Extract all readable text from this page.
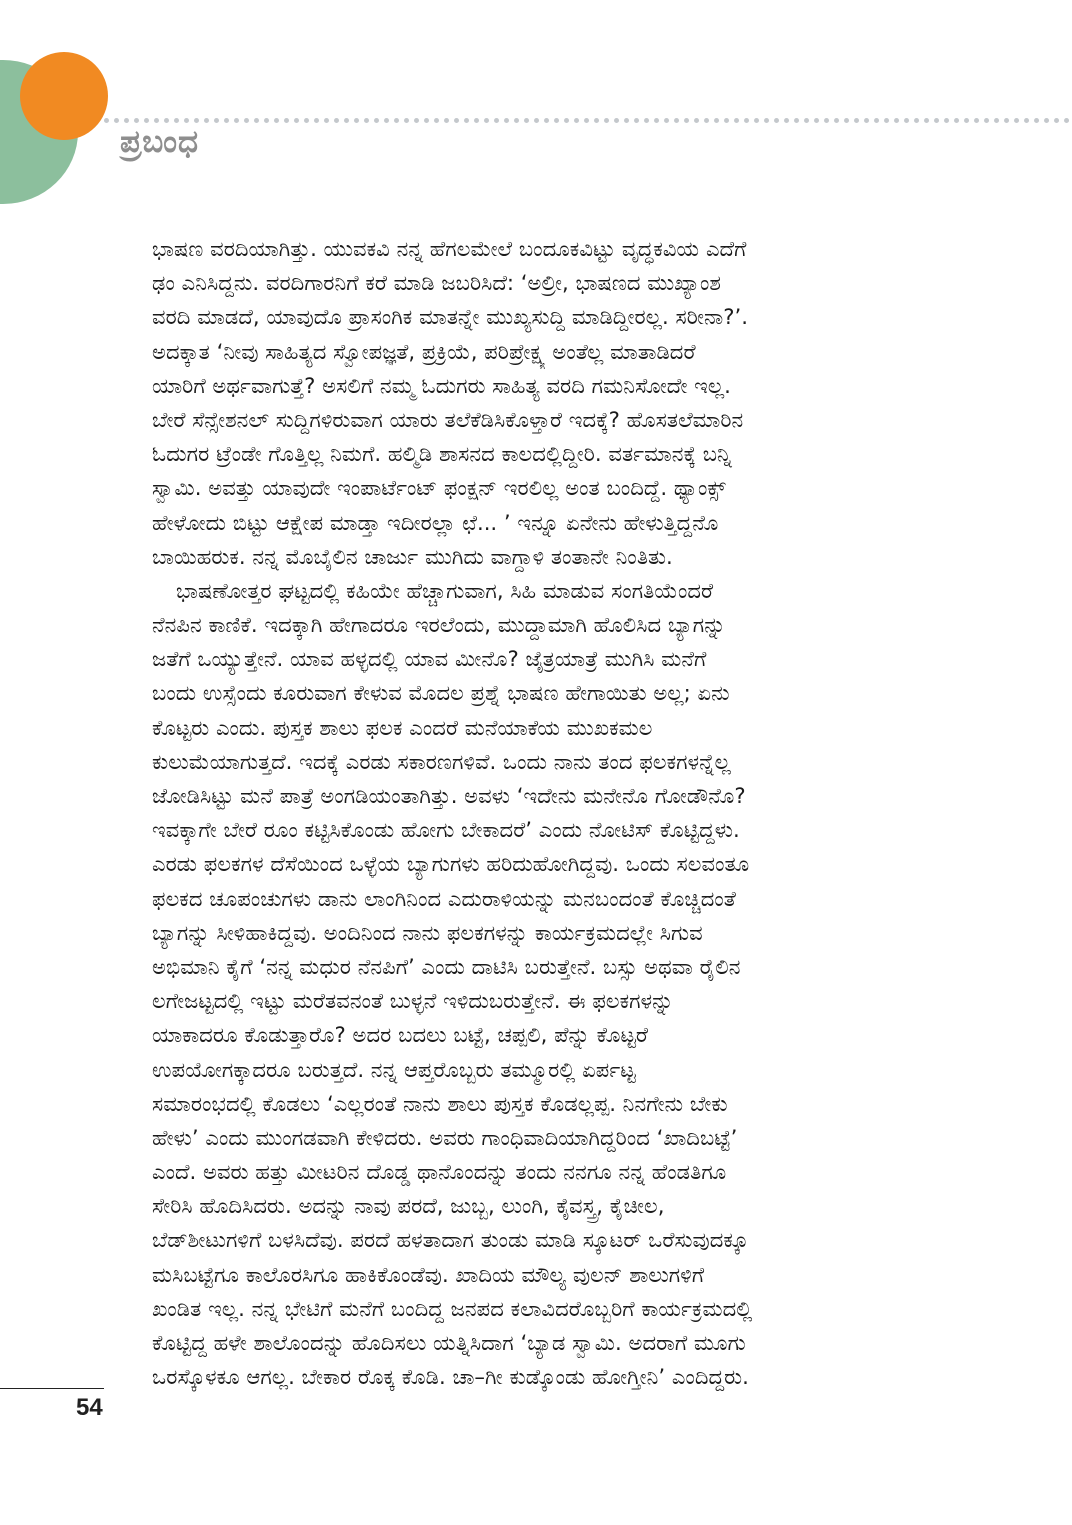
ಪ್ರಬಂಧ
ಭಾಷಣ ವರದಿಯಾಗಿತ್ತು. ಯುವಕವಿ ನನ್ನ ಹೆಗಲಮೇಲೆ ಬಂದೂಕವಿಟ್ಟು ವೃದ್ಧಕವಿಯ ಎದೆಗೆ
ಢಂ ಎನಿಸಿದ್ದನು. ವರದಿಗಾರನಿಗೆ ಕರೆ ಮಾಡಿ ಜಬರಿಸಿದೆ: ‘ಅಲ್ರೀ, ಭಾಷಣದ ಮುಖ್ಯಾಂಶ
ವರದಿ ಮಾಡದೆ, ಯಾವುದೊ ಪ್ರಾಸಂಗಿಕ ಮಾತನ್ನೇ ಮುಖ್ಯಸುದ್ದಿ ಮಾಡಿದ್ದೀರಲ್ಲ. ಸರೀನಾ?’.
ಅದಕ್ಕಾತ ‘ನೀವು ಸಾಹಿತ್ಯದ ಸ್ವೋಪಜ್ಞತೆ, ಪ್ರಕ್ರಿಯೆ, ಪರಿಪ್ರೇಕ್ಷ್ಯ ಅಂತೆಲ್ಲ ಮಾತಾಡಿದರೆ
ಯಾರಿಗೆ ಅರ್ಥವಾಗುತ್ತೆ? ಅಸಲಿಗೆ ನಮ್ಮ ಓದುಗರು ಸಾಹಿತ್ಯ ವರದಿ ಗಮನಿಸೋದೇ ಇಲ್ಲ.
ಬೇರೆ ಸೆನ್ಸೇಶನಲ್ ಸುದ್ದಿಗಳಿರುವಾಗ ಯಾರು ತಲೆಕೆಡಿಸಿಕೊಳ್ತಾರೆ ಇದಕ್ಕೆ? ಹೊಸತಲೆಮಾರಿನ
ಓದುಗರ ಟ್ರೆಂಡೇ ಗೊತ್ತಿಲ್ಲ ನಿಮಗೆ. ಹಲ್ಮಿಡಿ ಶಾಸನದ ಕಾಲದಲ್ಲಿದ್ದೀರಿ. ವರ್ತಮಾನಕ್ಕೆ ಬನ್ನಿ
ಸ್ವಾಮಿ. ಅವತ್ತು ಯಾವುದೇ ಇಂಪಾರ್ಟೆಂಟ್ ಫಂಕ್ಷನ್ ಇರಲಿಲ್ಲ ಅಂತ ಬಂದಿದ್ದೆ. ಥ್ಯಾಂಕ್ಸ್
ಹೇಳೋದು ಬಿಟ್ಟು ಆಕ್ಷೇಪ ಮಾಡ್ತಾ ಇದೀರಲ್ಲಾ ಛೆ... ’ ಇನ್ನೂ ಏನೇನು ಹೇಳುತ್ತಿದ್ದನೊ
ಬಾಯಿಹರುಕ. ನನ್ನ ಮೊಬೈಲಿನ ಚಾರ್ಜು ಮುಗಿದು ವಾಗ್ದಾಳಿ ತಂತಾನೇ ನಿಂತಿತು.
ಭಾಷಣೋತ್ತರ ಘಟ್ಟದಲ್ಲಿ ಕಹಿಯೇ ಹೆಚ್ಚಾಗುವಾಗ, ಸಿಹಿ ಮಾಡುವ ಸಂಗತಿಯೆಂದರೆ
ನೆನಪಿನ ಕಾಣಿಕೆ. ಇದಕ್ಕಾಗಿ ಹೇಗಾದರೂ ಇರಲೆಂದು, ಮುದ್ದಾಮಾಗಿ ಹೊಲಿಸಿದ ಬ್ಯಾಗನ್ನು
ಜತೆಗೆ ಒಯ್ಯುತ್ತೇನೆ. ಯಾವ ಹಳ್ಳದಲ್ಲಿ ಯಾವ ಮೀನೊ? ಜೈತ್ರಯಾತ್ರೆ ಮುಗಿಸಿ ಮನೆಗೆ
ಬಂದು ಉಸ್ಸೆಂದು ಕೂರುವಾಗ ಕೇಳುವ ಮೊದಲ ಪ್ರಶ್ನೆ ಭಾಷಣ ಹೇಗಾಯಿತು ಅಲ್ಲ; ಏನು
ಕೊಟ್ಟರು ಎಂದು. ಪುಸ್ತಕ ಶಾಲು ಫಲಕ ಎಂದರೆ ಮನೆಯಾಕೆಯ ಮುಖಕಮಲ
ಕುಲುಮೆಯಾಗುತ್ತದೆ. ಇದಕ್ಕೆ ಎರಡು ಸಕಾರಣಗಳಿವೆ. ಒಂದು ನಾನು ತಂದ ಫಲಕಗಳನ್ನೆಲ್ಲ
ಜೋಡಿಸಿಟ್ಟು ಮನೆ ಪಾತ್ರೆ ಅಂಗಡಿಯಂತಾಗಿತ್ತು. ಅವಳು ‘ಇದೇನು ಮನೇನೊ ಗೋಡೌನೊ?
ಇವಕ್ಕಾಗೇ ಬೇರೆ ರೂಂ ಕಟ್ಟಿಸಿಕೊಂಡು ಹೋಗು ಬೇಕಾದರೆ’ ಎಂದು ನೋಟಿಸ್ ಕೊಟ್ಟಿದ್ದಳು.
ಎರಡು ಫಲಕಗಳ ದೆಸೆಯಿಂದ ಒಳ್ಳೆಯ ಬ್ಯಾಗುಗಳು ಹರಿದುಹೋಗಿದ್ದವು. ಒಂದು ಸಲವಂತೂ
ಫಲಕದ ಚೂಪಂಚುಗಳು ಡಾನು ಲಾಂಗಿನಿಂದ ಎದುರಾಳಿಯನ್ನು ಮನಬಂದಂತೆ ಕೊಚ್ಚಿದಂತೆ
ಬ್ಯಾಗನ್ನು ಸೀಳಿಹಾಕಿದ್ದವು. ಅಂದಿನಿಂದ ನಾನು ಫಲಕಗಳನ್ನು ಕಾರ್ಯಕ್ರಮದಲ್ಲೇ ಸಿಗುವ
ಅಭಿಮಾನಿ ಕೈಗೆ ‘ನನ್ನ ಮಧುರ ನೆನಪಿಗೆ’ ಎಂದು ದಾಟಿಸಿ ಬರುತ್ತೇನೆ. ಬಸ್ಸು ಅಥವಾ ರೈಲಿನ
ಲಗೇಜಟ್ಟದಲ್ಲಿ ಇಟ್ಟು ಮರೆತವನಂತೆ ಬುಳ್ಳನೆ ಇಳಿದುಬರುತ್ತೇನೆ. ಈ ಫಲಕಗಳನ್ನು
ಯಾಕಾದರೂ ಕೊಡುತ್ತಾರೊ? ಅದರ ಬದಲು ಬಟ್ಟೆ, ಚಪ್ಪಲಿ, ಪೆನ್ನು ಕೊಟ್ಟರೆ
ಉಪಯೋಗಕ್ಕಾದರೂ ಬರುತ್ತದೆ. ನನ್ನ ಆಪ್ತರೊಬ್ಬರು ತಮ್ಮೂರಲ್ಲಿ ಏರ್ಪಟ್ಟ
ಸಮಾರಂಭದಲ್ಲಿ ಕೊಡಲು ‘ಎಲ್ಲರಂತೆ ನಾನು ಶಾಲು ಪುಸ್ತಕ ಕೊಡಲ್ಲಪ್ಪ. ನಿನಗೇನು ಬೇಕು
ಹೇಳು’ ಎಂದು ಮುಂಗಡವಾಗಿ ಕೇಳಿದರು. ಅವರು ಗಾಂಧಿವಾದಿಯಾಗಿದ್ದರಿಂದ ‘ಖಾದಿಬಟ್ಟೆ’
ಎಂದೆ. ಅವರು ಹತ್ತು ಮೀಟರಿನ ದೊಡ್ಡ ಥಾನೊಂದನ್ನು ತಂದು ನನಗೂ ನನ್ನ ಹೆಂಡತಿಗೂ
ಸೇರಿಸಿ ಹೊದಿಸಿದರು. ಅದನ್ನು ನಾವು ಪರದೆ, ಜುಬ್ಬ, ಲುಂಗಿ, ಕೈವಸ್ತ್ರ, ಕೈಚೀಲ,
ಬೆಡ್‌ಶೀಟುಗಳಿಗೆ ಬಳಸಿದೆವು. ಪರದೆ ಹಳತಾದಾಗ ತುಂಡು ಮಾಡಿ ಸ್ಕೂಟರ್ ಒರೆಸುವುದಕ್ಕೂ
ಮಸಿಬಟ್ಟೆಗೂ ಕಾಲೊರಸಿಗೂ ಹಾಕಿಕೊಂಡೆವು. ಖಾದಿಯ ಮೌಲ್ಯ ವುಲನ್ ಶಾಲುಗಳಿಗೆ
ಖಂಡಿತ ಇಲ್ಲ. ನನ್ನ ಭೇಟಿಗೆ ಮನೆಗೆ ಬಂದಿದ್ದ ಜನಪದ ಕಲಾವಿದರೊಬ್ಬರಿಗೆ ಕಾರ್ಯಕ್ರಮದಲ್ಲಿ
ಕೊಟ್ಟಿದ್ದ ಹಳೇ ಶಾಲೊಂದನ್ನು ಹೊದಿಸಲು ಯತ್ನಿಸಿದಾಗ ‘ಬ್ಯಾಡ ಸ್ವಾಮಿ. ಅದರಾಗೆ ಮೂಗು
ಒರಸ್ಕೊಳಕೂ ಆಗಲ್ಲ. ಬೇಕಾರ ರೊಕ್ಕ ಕೊಡಿ. ಚಾ–ಗೀ ಕುಡ್ಕೊಂಡು ಹೋಗ್ತೀನಿ’ ಎಂದಿದ್ದರು.
54
